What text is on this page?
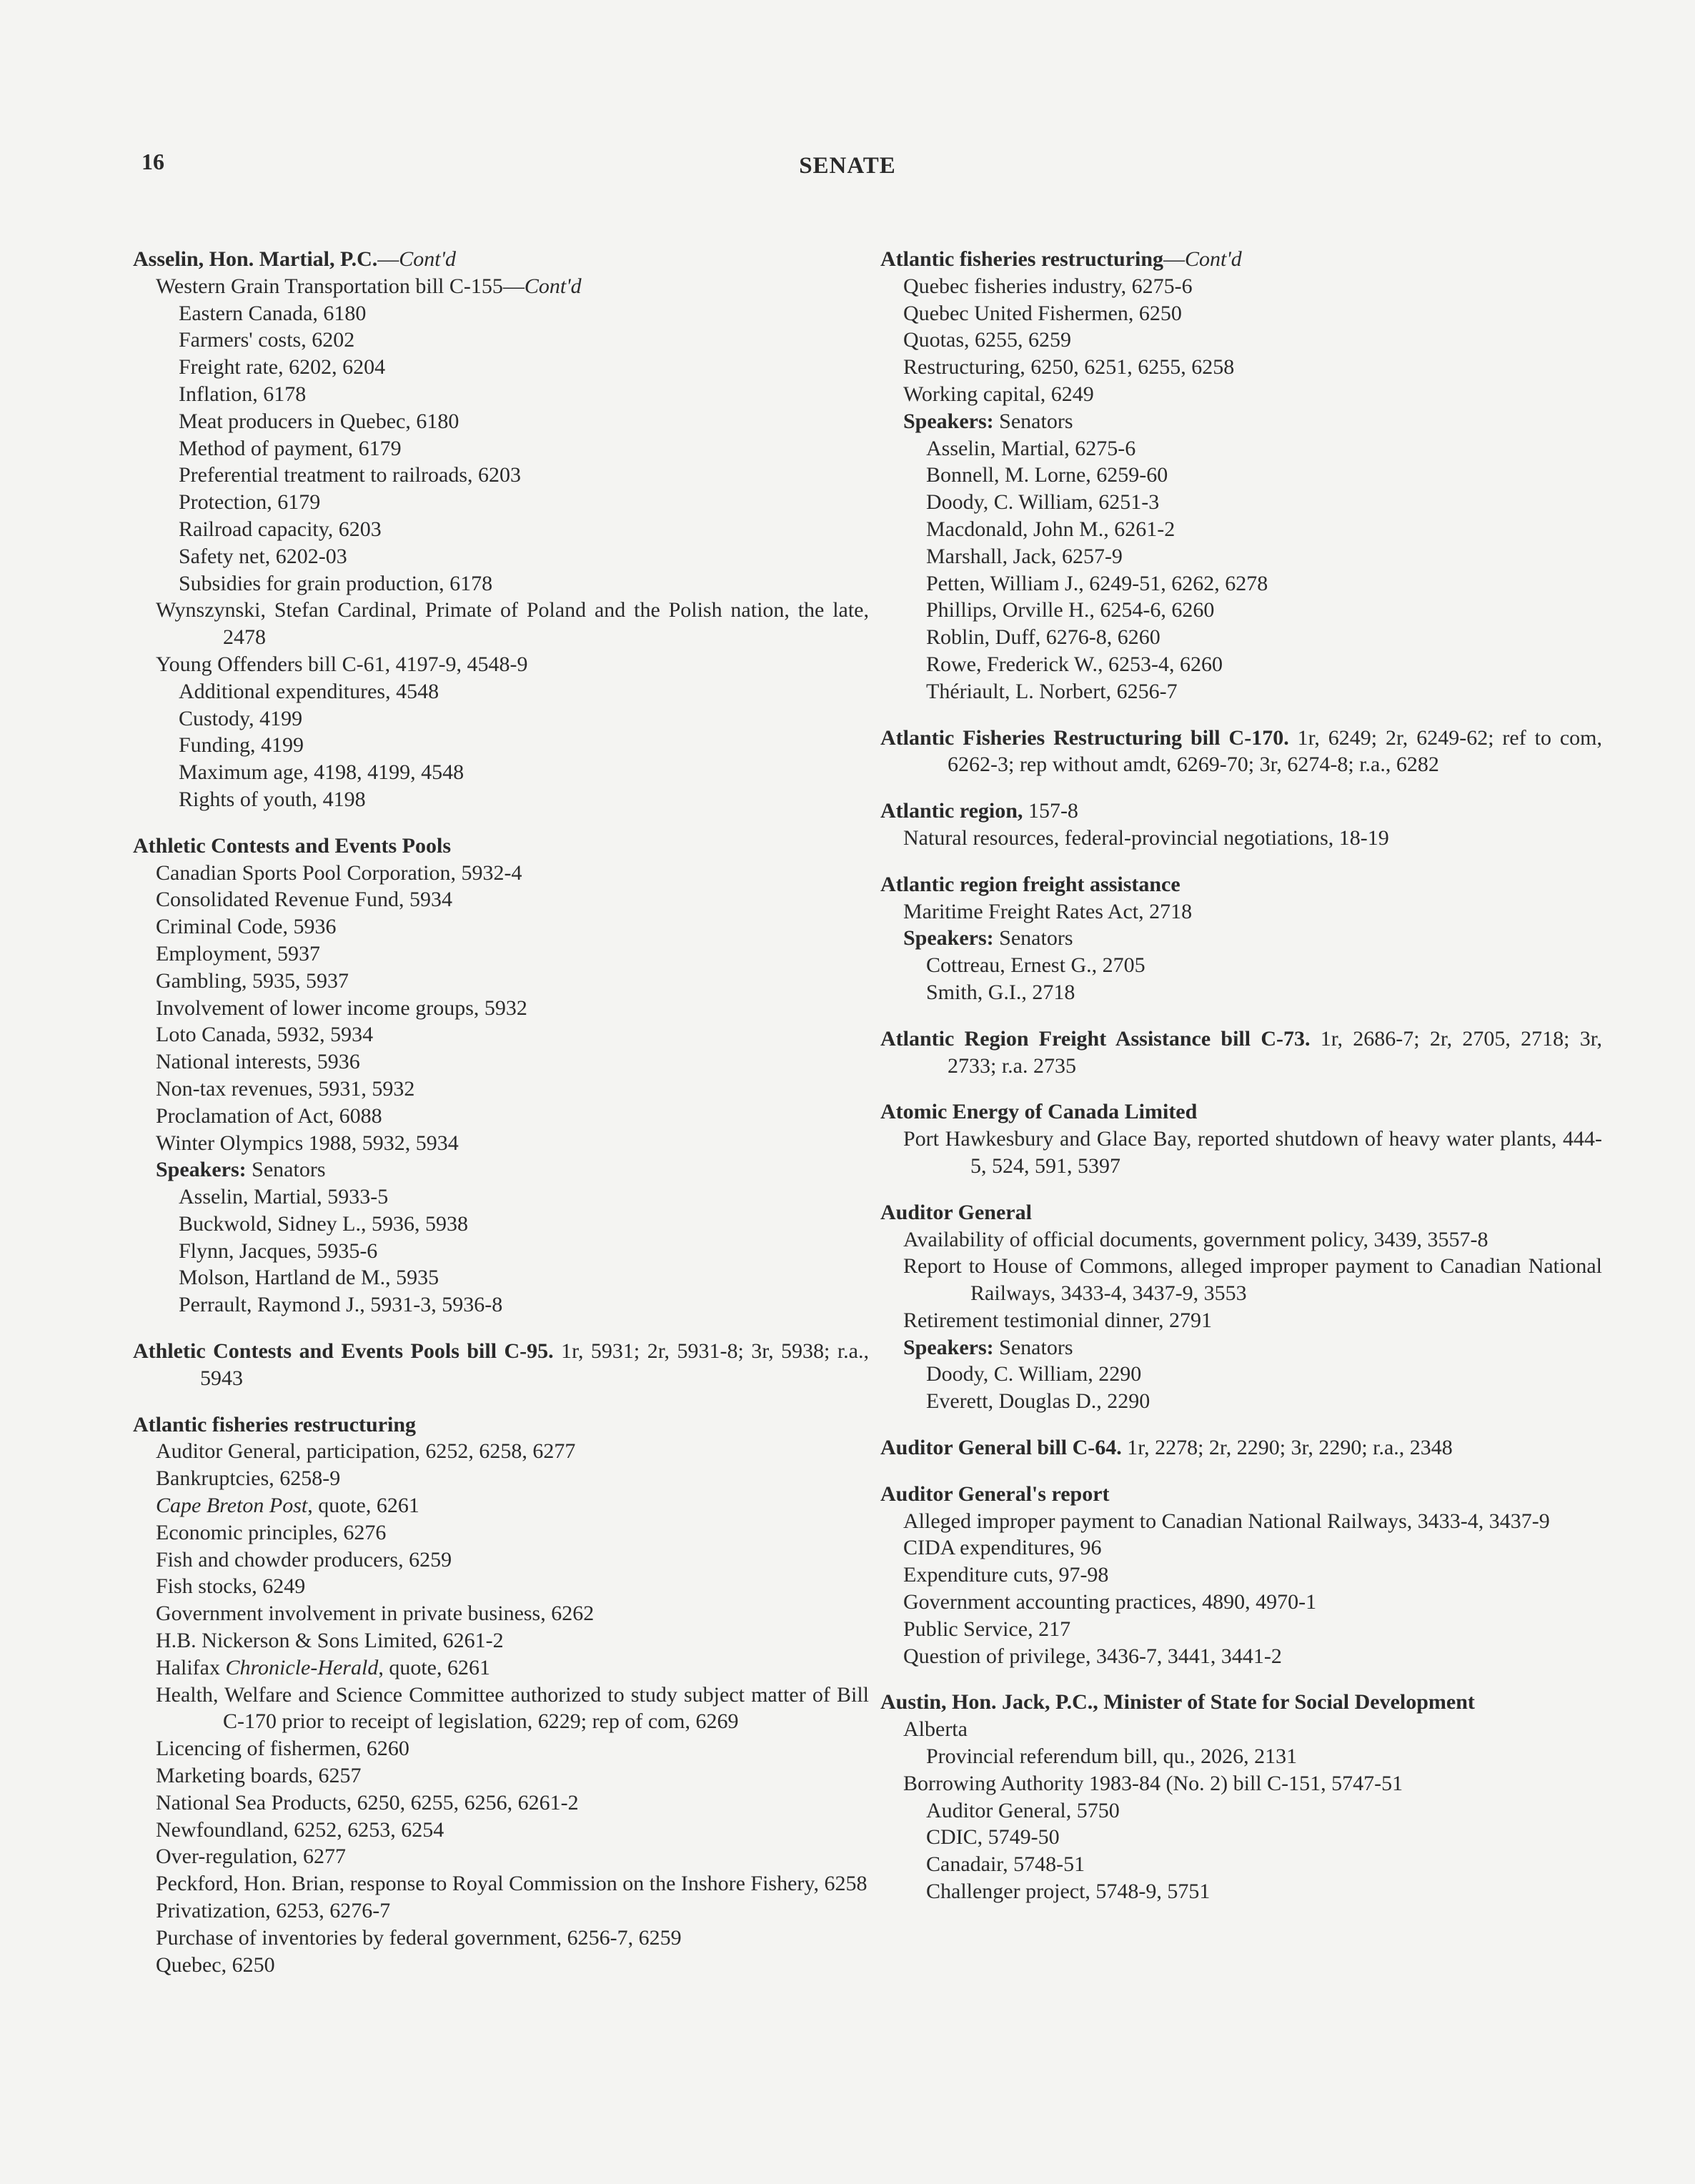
16	SENATE
Asselin, Hon. Martial, P.C.—Cont'd
Western Grain Transportation bill C-155—Cont'd
Eastern Canada, 6180
Farmers' costs, 6202
Freight rate, 6202, 6204
Inflation, 6178
Meat producers in Quebec, 6180
Method of payment, 6179
Preferential treatment to railroads, 6203
Protection, 6179
Railroad capacity, 6203
Safety net, 6202-03
Subsidies for grain production, 6178
Wynszynski, Stefan Cardinal, Primate of Poland and the Polish nation, the late, 2478
Young Offenders bill C-61, 4197-9, 4548-9
Additional expenditures, 4548
Custody, 4199
Funding, 4199
Maximum age, 4198, 4199, 4548
Rights of youth, 4198
Athletic Contests and Events Pools
Canadian Sports Pool Corporation, 5932-4
Consolidated Revenue Fund, 5934
Criminal Code, 5936
Employment, 5937
Gambling, 5935, 5937
Involvement of lower income groups, 5932
Loto Canada, 5932, 5934
National interests, 5936
Non-tax revenues, 5931, 5932
Proclamation of Act, 6088
Winter Olympics 1988, 5932, 5934
Speakers: Senators
Asselin, Martial, 5933-5
Buckwold, Sidney L., 5936, 5938
Flynn, Jacques, 5935-6
Molson, Hartland de M., 5935
Perrault, Raymond J., 5931-3, 5936-8
Athletic Contests and Events Pools bill C-95. 1r, 5931; 2r, 5931-8; 3r, 5938; r.a., 5943
Atlantic fisheries restructuring
Auditor General, participation, 6252, 6258, 6277
Bankruptcies, 6258-9
Cape Breton Post, quote, 6261
Economic principles, 6276
Fish and chowder producers, 6259
Fish stocks, 6249
Government involvement in private business, 6262
H.B. Nickerson & Sons Limited, 6261-2
Halifax Chronicle-Herald, quote, 6261
Health, Welfare and Science Committee authorized to study subject matter of Bill C-170 prior to receipt of legislation, 6229; rep of com, 6269
Licencing of fishermen, 6260
Marketing boards, 6257
National Sea Products, 6250, 6255, 6256, 6261-2
Newfoundland, 6252, 6253, 6254
Over-regulation, 6277
Peckford, Hon. Brian, response to Royal Commission on the Inshore Fishery, 6258
Privatization, 6253, 6276-7
Purchase of inventories by federal government, 6256-7, 6259
Quebec, 6250
Atlantic fisheries restructuring—Cont'd
Quebec fisheries industry, 6275-6
Quebec United Fishermen, 6250
Quotas, 6255, 6259
Restructuring, 6250, 6251, 6255, 6258
Working capital, 6249
Speakers: Senators
Asselin, Martial, 6275-6
Bonnell, M. Lorne, 6259-60
Doody, C. William, 6251-3
Macdonald, John M., 6261-2
Marshall, Jack, 6257-9
Petten, William J., 6249-51, 6262, 6278
Phillips, Orville H., 6254-6, 6260
Roblin, Duff, 6276-8, 6260
Rowe, Frederick W., 6253-4, 6260
Thériault, L. Norbert, 6256-7
Atlantic Fisheries Restructuring bill C-170. 1r, 6249; 2r, 6249-62; ref to com, 6262-3; rep without amdt, 6269-70; 3r, 6274-8; r.a., 6282
Atlantic region, 157-8
Natural resources, federal-provincial negotiations, 18-19
Atlantic region freight assistance
Maritime Freight Rates Act, 2718
Speakers: Senators
Cottreau, Ernest G., 2705
Smith, G.I., 2718
Atlantic Region Freight Assistance bill C-73. 1r, 2686-7; 2r, 2705, 2718; 3r, 2733; r.a. 2735
Atomic Energy of Canada Limited
Port Hawkesbury and Glace Bay, reported shutdown of heavy water plants, 444-5, 524, 591, 5397
Auditor General
Availability of official documents, government policy, 3439, 3557-8
Report to House of Commons, alleged improper payment to Canadian National Railways, 3433-4, 3437-9, 3553
Retirement testimonial dinner, 2791
Speakers: Senators
Doody, C. William, 2290
Everett, Douglas D., 2290
Auditor General bill C-64. 1r, 2278; 2r, 2290; 3r, 2290; r.a., 2348
Auditor General's report
Alleged improper payment to Canadian National Railways, 3433-4, 3437-9
CIDA expenditures, 96
Expenditure cuts, 97-98
Government accounting practices, 4890, 4970-1
Public Service, 217
Question of privilege, 3436-7, 3441, 3441-2
Austin, Hon. Jack, P.C., Minister of State for Social Development
Alberta
Provincial referendum bill, qu., 2026, 2131
Borrowing Authority 1983-84 (No. 2) bill C-151, 5747-51
Auditor General, 5750
CDIC, 5749-50
Canadair, 5748-51
Challenger project, 5748-9, 5751
